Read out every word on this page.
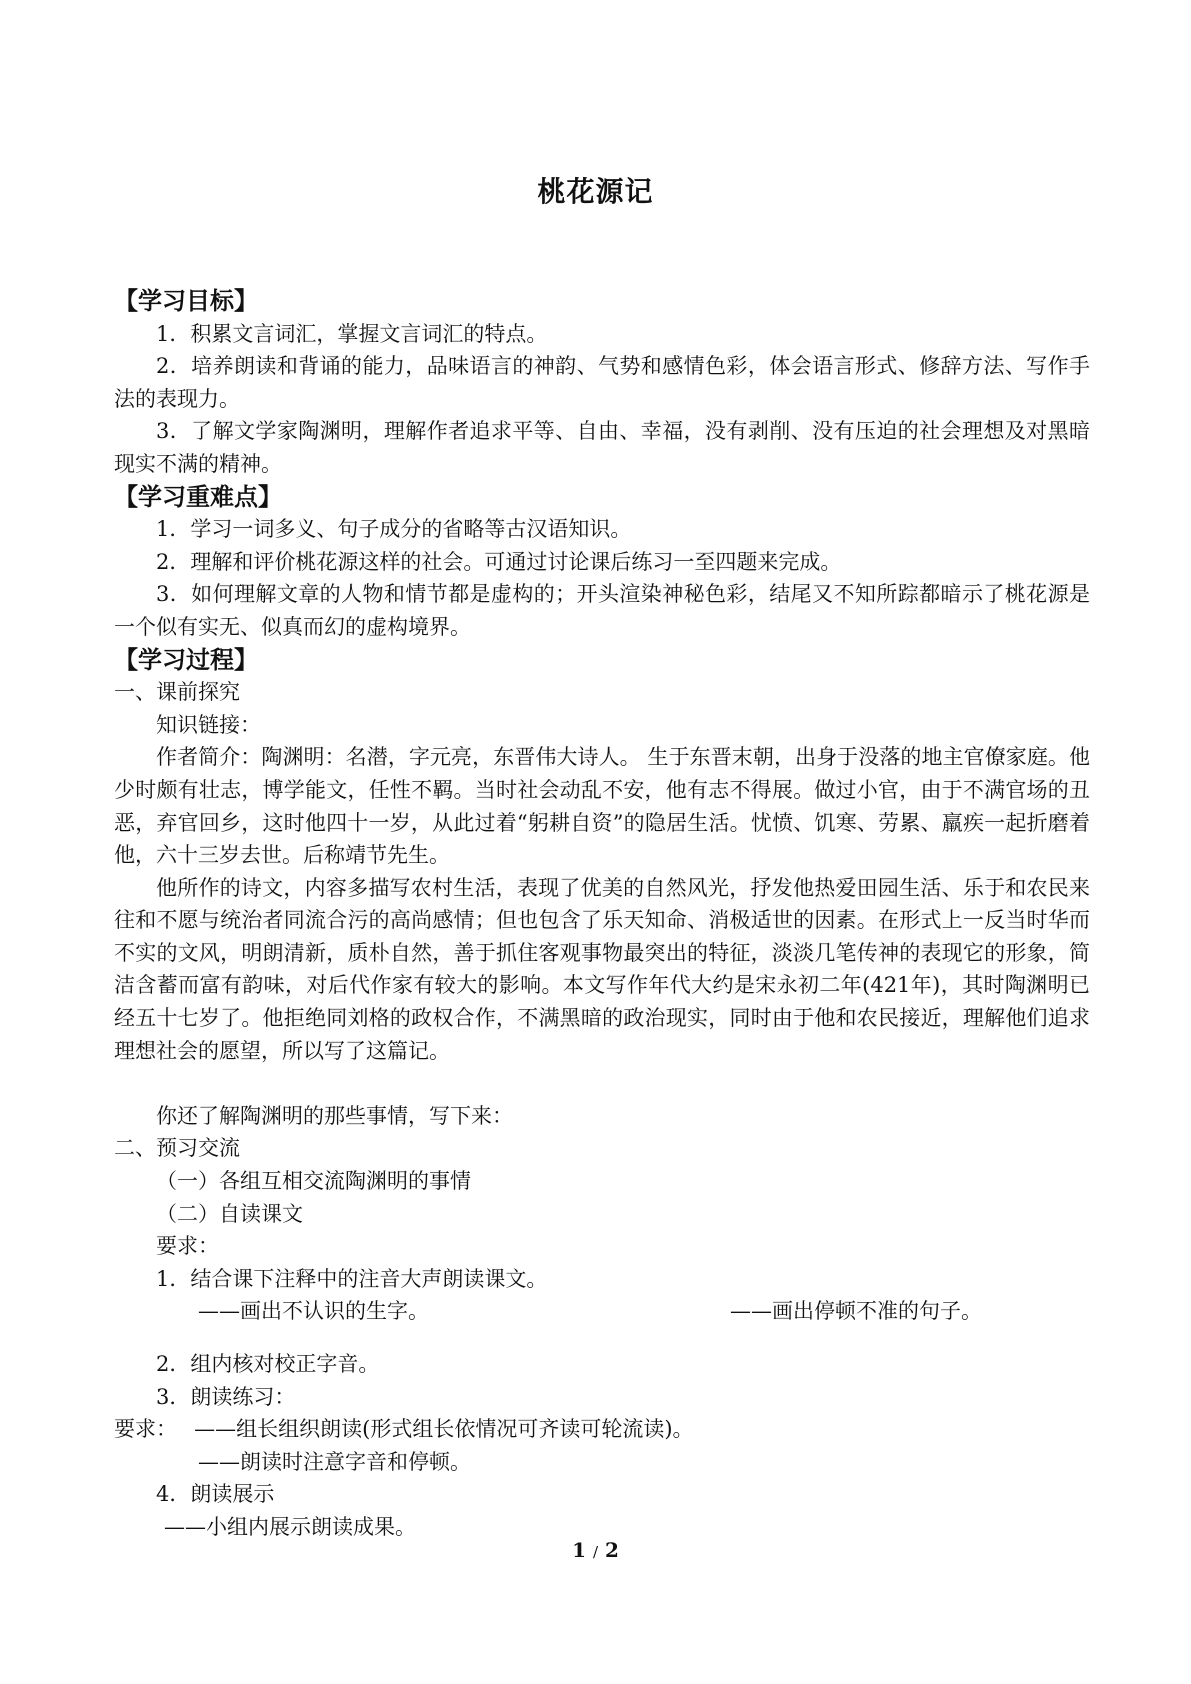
桃花源记

【学习目标】

1．积累文言词汇，掌握文言词汇的特点。

2．培养朗读和背诵的能力，品味语言的神韵、气势和感情色彩，体会语言形式、修辞方法、写作手法的表现力。

3．了解文学家陶渊明，理解作者追求平等、自由、幸福，没有剥削、没有压迫的社会理想及对黑暗现实不满的精神。

【学习重难点】

1．学习一词多义、句子成分的省略等古汉语知识。

2．理解和评价桃花源这样的社会。可通过讨论课后练习一至四题来完成。

3．如何理解文章的人物和情节都是虚构的；开头渲染神秘色彩，结尾又不知所踪都暗示了桃花源是一个似有实无、似真而幻的虚构境界。

【学习过程】

一、课前探究

知识链接：

作者简介：陶渊明：名潜，字元亮，东晋伟大诗人。 生于东晋末朝，出身于没落的地主官僚家庭。他少时颇有壮志，博学能文，任性不羁。当时社会动乱不安，他有志不得展。做过小官，由于不满官场的丑恶，弃官回乡，这时他四十一岁，从此过着“躬耕自资”的隐居生活。忧愤、饥寒、劳累、羸疾一起折磨着他，六十三岁去世。后称靖节先生。

他所作的诗文，内容多描写农村生活，表现了优美的自然风光，抒发他热爱田园生活、乐于和农民来往和不愿与统治者同流合污的高尚感情；但也包含了乐天知命、消极适世的因素。在形式上一反当时华而不实的文风，明朗清新，质朴自然，善于抓住客观事物最突出的特征，淡淡几笔传神的表现它的形象，简洁含蓄而富有韵味，对后代作家有较大的影响。本文写作年代大约是宋永初二年(421年)，其时陶渊明已经五十七岁了。他拒绝同刘格的政权合作，不满黑暗的政治现实，同时由于他和农民接近，理解他们追求理想社会的愿望，所以写了这篇记。

你还了解陶渊明的那些事情，写下来：

二、预习交流

（一）各组互相交流陶渊明的事情

（二）自读课文

要求：

1．结合课下注释中的注音大声朗读课文。

——画出不认识的生字。	——画出停顿不准的句子。

2．组内核对校正字音。

3．朗读练习：

要求：　 ——组长组织朗读(形式组长依情况可齐读可轮流读)。

——朗读时注意字音和停顿。

4．朗读展示

——小组内展示朗读成果。

1 / 2
